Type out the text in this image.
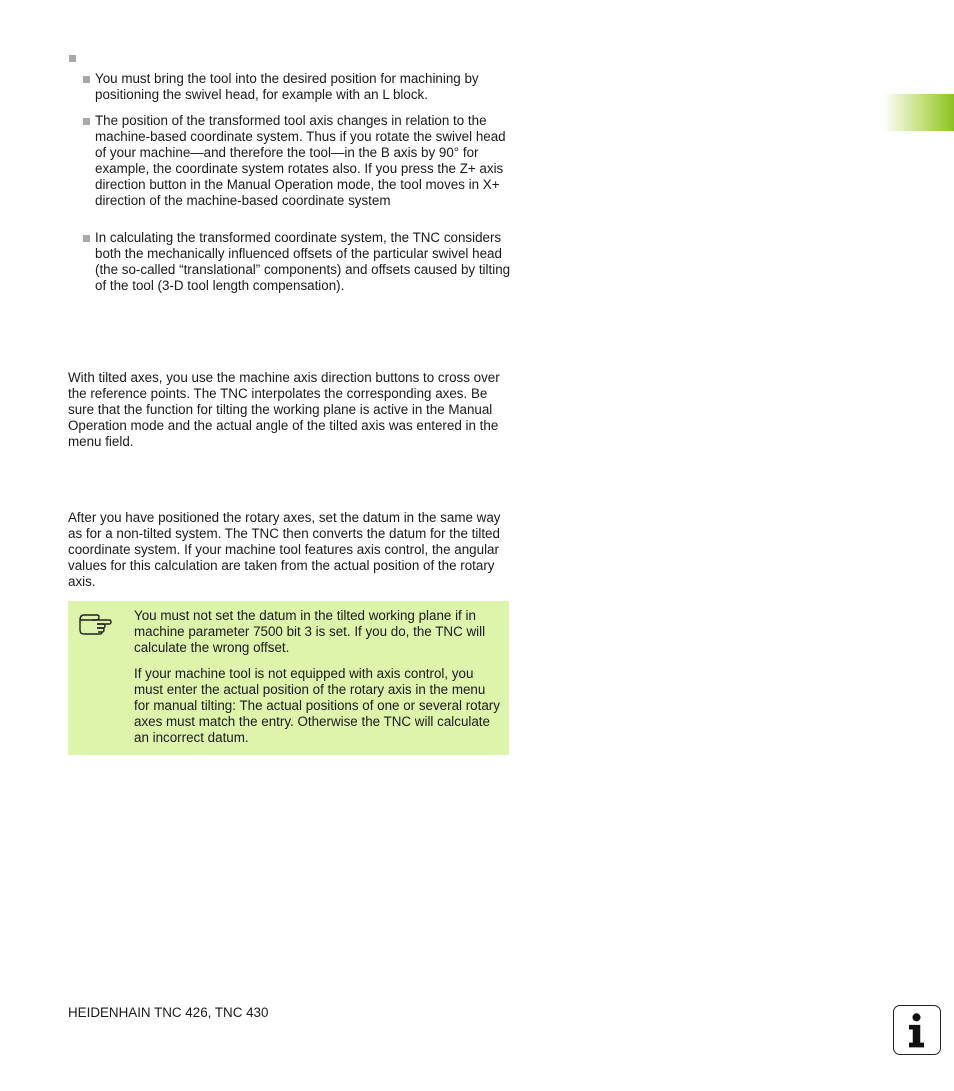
You must bring the tool into the desired position for machining by positioning the swivel head, for example with an L block.
The position of the transformed tool axis changes in relation to the machine-based coordinate system. Thus if you rotate the swivel head of your machine—and therefore the tool—in the B axis by 90° for example, the coordinate system rotates also. If you press the Z+ axis direction button in the Manual Operation mode, the tool moves in X+ direction of the machine-based coordinate system
In calculating the transformed coordinate system, the TNC considers both the mechanically influenced offsets of the particular swivel head (the so-called “translational” components) and offsets caused by tilting of the tool (3-D tool length compensation).
With tilted axes, you use the machine axis direction buttons to cross over the reference points. The TNC interpolates the corresponding axes. Be sure that the function for tilting the working plane is active in the Manual Operation mode and the actual angle of the tilted axis was entered in the menu field.
After you have positioned the rotary axes, set the datum in the same way as for a non-tilted system. The TNC then converts the datum for the tilted coordinate system. If your machine tool features axis control, the angular values for this calculation are taken from the actual position of the rotary axis.
You must not set the datum in the tilted working plane if in machine parameter 7500 bit 3 is set. If you do, the TNC will calculate the wrong offset.
If your machine tool is not equipped with axis control, you must enter the actual position of the rotary axis in the menu for manual tilting: The actual positions of one or several rotary axes must match the entry. Otherwise the TNC will calculate an incorrect datum.
HEIDENHAIN TNC 426, TNC 430
